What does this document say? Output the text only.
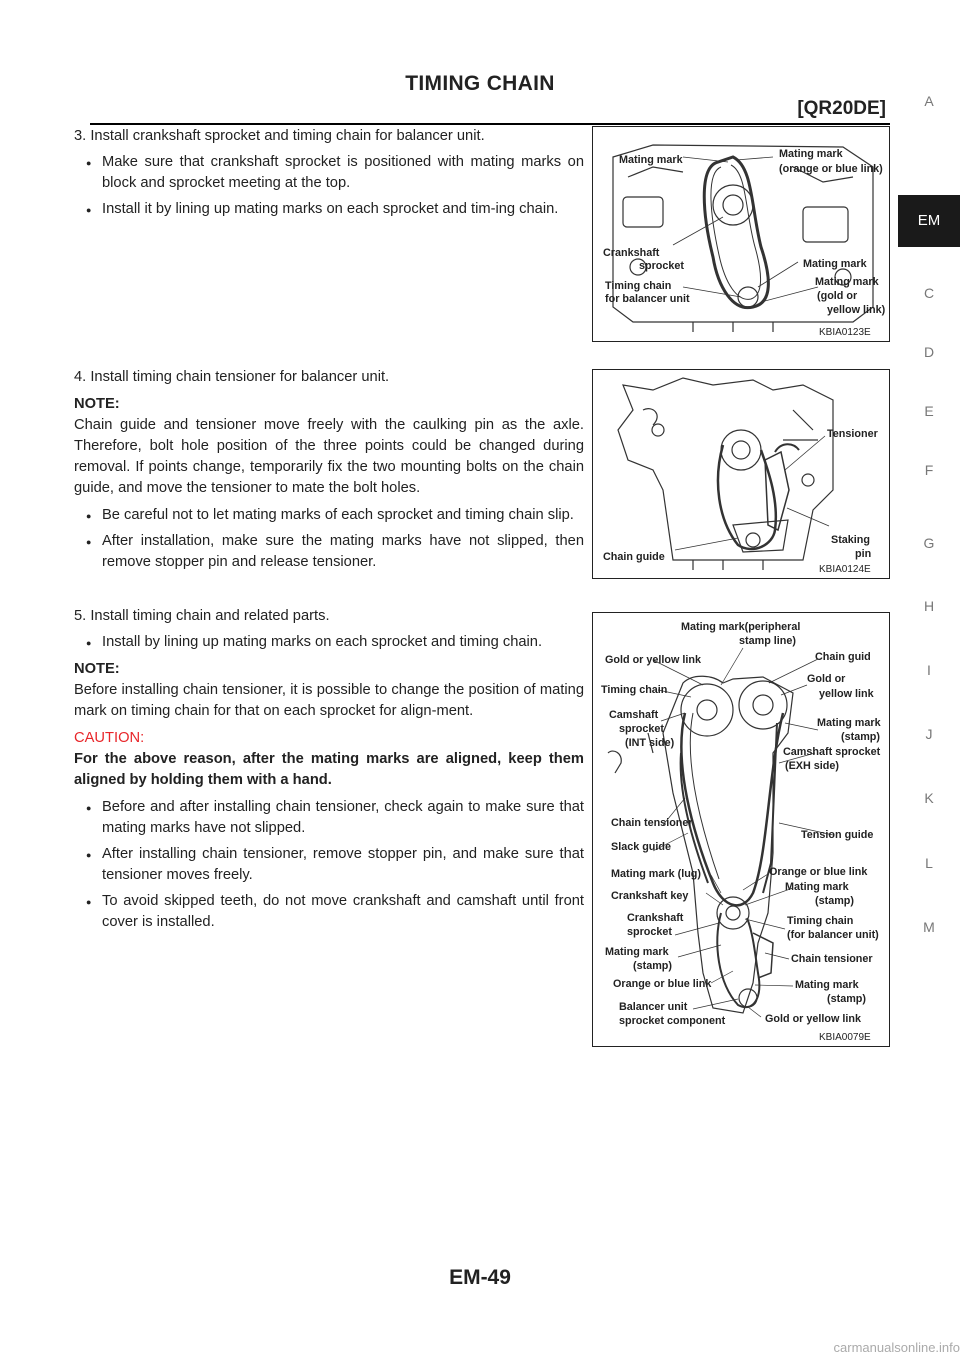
TIMING CHAIN
[QR20DE]	A
EM
C
D
E
F
G
H
I
J
K
L
M
3. Install crankshaft sprocket and timing chain for balancer unit.
● Make sure that crankshaft sprocket is positioned with mating marks on block and sprocket meeting at the top.
● Install it by lining up mating marks on each sprocket and tim-ing chain.
4. Install timing chain tensioner for balancer unit.
NOTE:
Chain guide and tensioner move freely with the caulking pin as the axle. Therefore, bolt hole position of the three points could be changed during removal. If points change, temporarily fix the two mounting bolts on the chain guide, and move the tensioner to mate the bolt holes.
● Be careful not to let mating marks of each sprocket and timing chain slip.
● After installation, make sure the mating marks have not slipped, then remove stopper pin and release tensioner.
5. Install timing chain and related parts.
● Install by lining up mating marks on each sprocket and timing chain.
NOTE:
Before installing chain tensioner, it is possible to change the position of mating mark on timing chain for that on each sprocket for align-ment.
CAUTION:
For the above reason, after the mating marks are aligned, keep them aligned by holding them with a hand.
● Before and after installing chain tensioner, check again to make sure that mating marks have not slipped.
● After installing chain tensioner, remove stopper pin, and make sure that tensioner moves freely.
● To avoid skipped teeth, do not move crankshaft and camshaft until front cover is installed.
Mating mark	Mating mark
(orange or blue link)
Crankshaft
sprocket	Mating mark
Timing chain
for balancer unit
Mating mark
(gold or
yellow link)
KBIA0123E
Tensioner
Staking
pin
Chain guide
KBIA0124E
Mating mark(peripheral
stamp line)
Chain guid
Gold or yellow link
Gold or
yellow link
Timing chain
Camshaft
sprocket
(INT side)
Mating mark
(stamp)
Camshaft sprocket
(EXH side)
Chain tensioner
Tension guide
Slack guide
Mating mark (lug)	Orange or blue link
Crankshaft key
Mating mark
(stamp)
Crankshaft
sprocket
Timing chain
(for balancer unit)
Mating mark
(stamp)
Chain tensioner
Orange or blue link	Mating mark
(stamp)
Balancer unit
sprocket component	Gold or yellow link
KBIA0079E
EM-49
carmanualsonline.info
